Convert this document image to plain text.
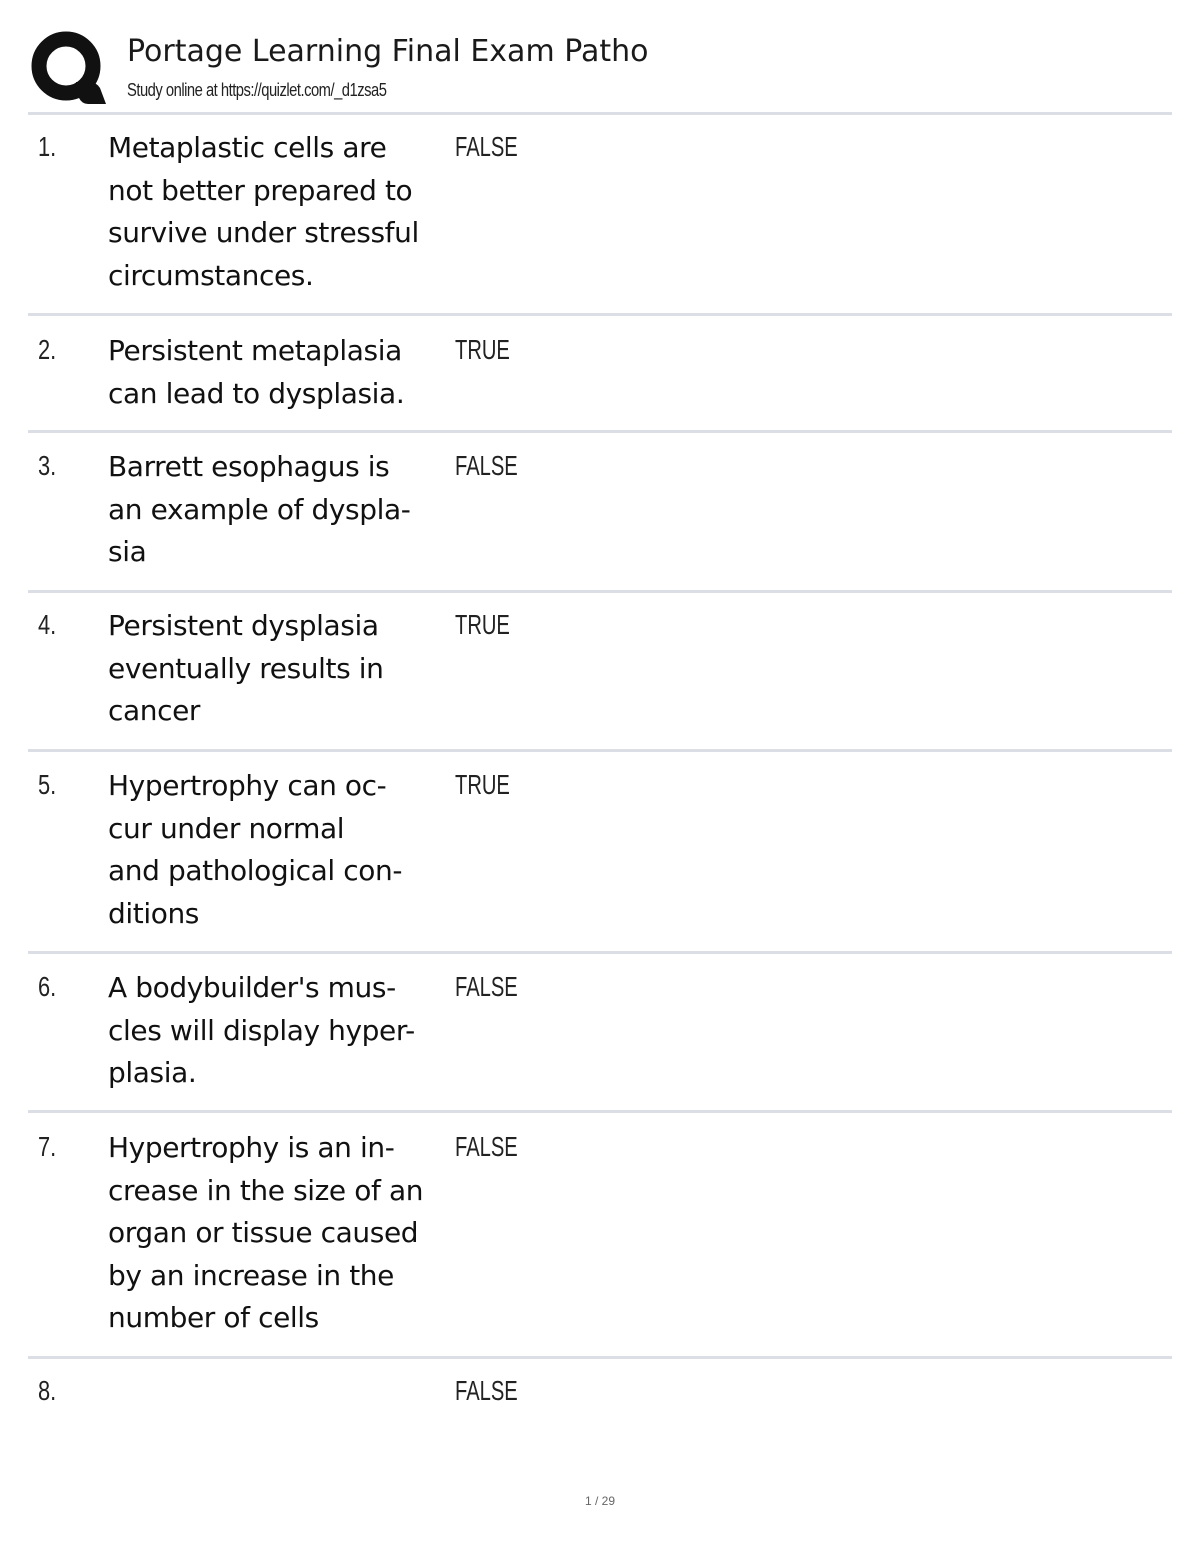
Portage Learning Final Exam Patho
Study online at https://quizlet.com/_d1zsa5
1. Metaplastic cells are
not better prepared to
survive under stressful
circumstances.
FALSE
2. Persistent metaplasia
can lead to dysplasia.
TRUE
3. Barrett esophagus is
an example of dyspla-
sia
FALSE
4. Persistent dysplasia
eventually results in
cancer
TRUE
5. Hypertrophy can oc-
cur under normal
and pathological con-
ditions
TRUE
6. A bodybuilder's mus-
cles will display hyper-
plasia.
FALSE
7. Hypertrophy is an in-
crease in the size of an
organ or tissue caused
by an increase in the
number of cells
FALSE
8.	FALSE
1 / 29
